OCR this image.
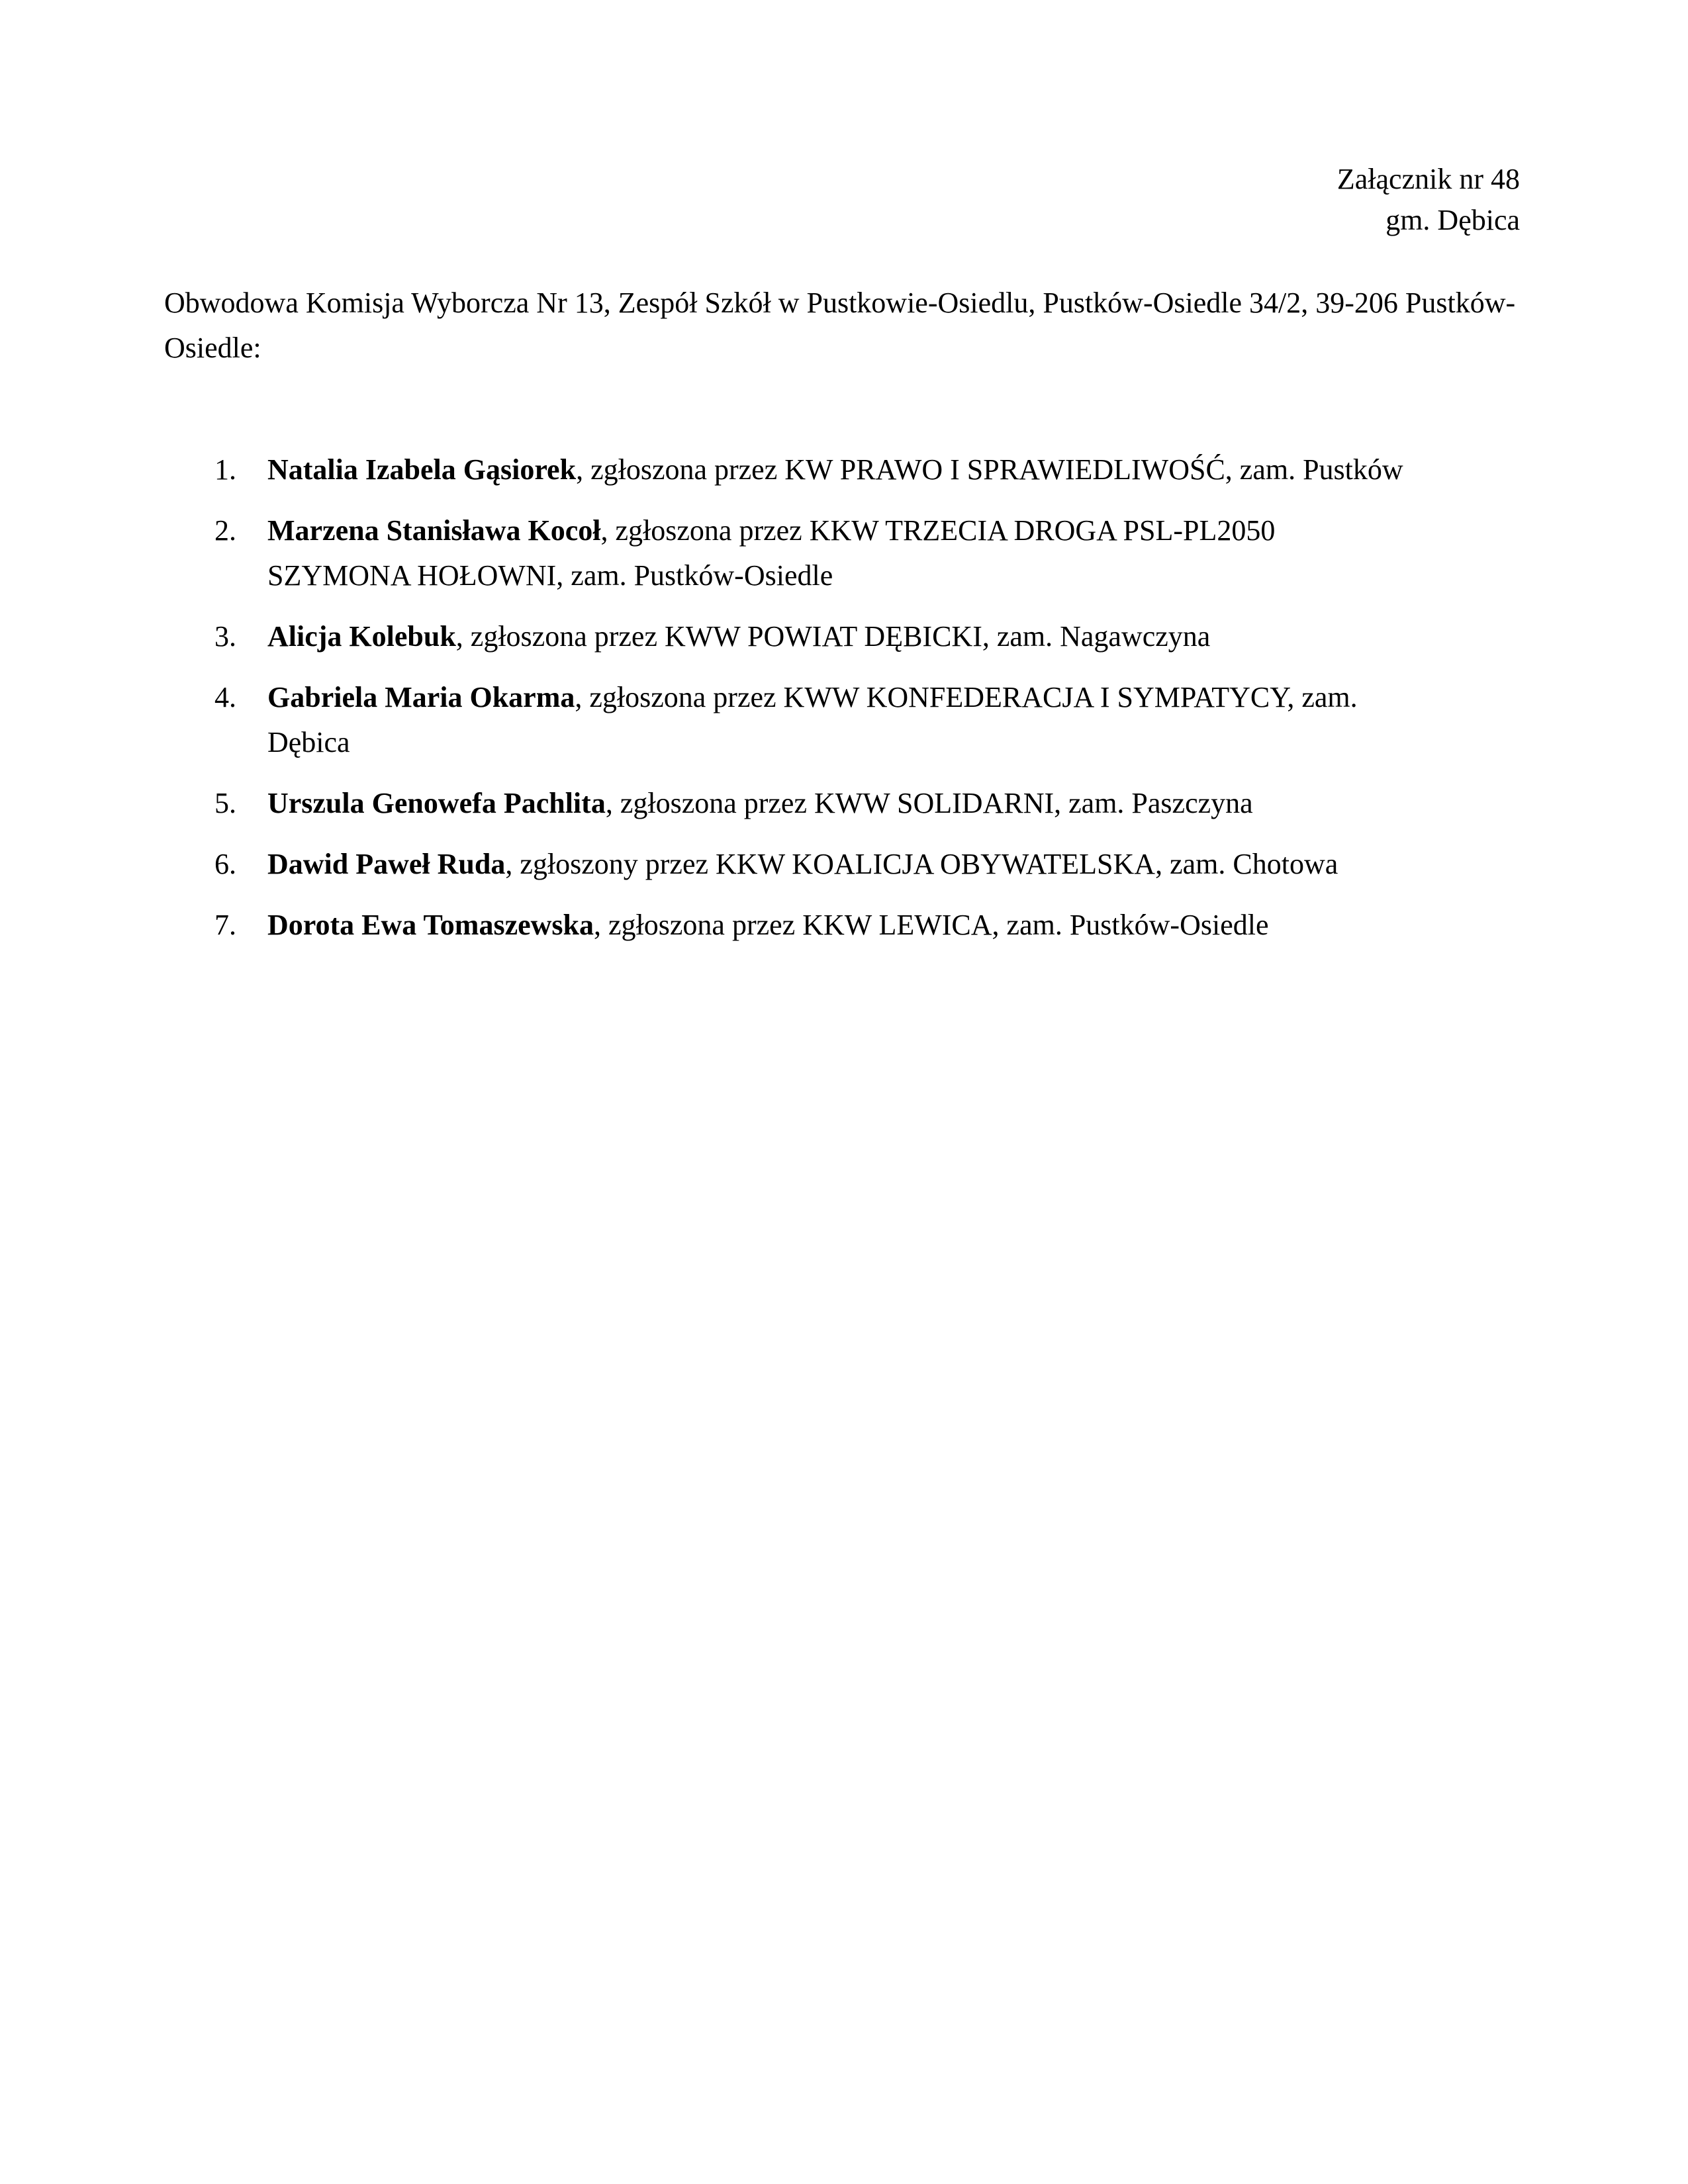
Załącznik nr 48
gm. Dębica

Obwodowa Komisja Wyborcza Nr 13, Zespół Szkół w Pustkowie-Osiedlu, Pustków-Osiedle 34/2, 39-206 Pustków-Osiedle:

1. Natalia Izabela Gąsiorek, zgłoszona przez KW PRAWO I SPRAWIEDLIWOŚĆ, zam. Pustków
2. Marzena Stanisława Kocoł, zgłoszona przez KKW TRZECIA DROGA PSL-PL2050 SZYMONA HOŁOWNI, zam. Pustków-Osiedle
3. Alicja Kolebuk, zgłoszona przez KWW POWIAT DĘBICKI, zam. Nagawczyna
4. Gabriela Maria Okarma, zgłoszona przez KWW KONFEDERACJA I SYMPATYCY, zam. Dębica
5. Urszula Genowefa Pachlita, zgłoszona przez KWW SOLIDARNI, zam. Paszczyna
6. Dawid Paweł Ruda, zgłoszony przez KKW KOALICJA OBYWATELSKA, zam. Chotowa
7. Dorota Ewa Tomaszewska, zgłoszona przez KKW LEWICA, zam. Pustków-Osiedle
